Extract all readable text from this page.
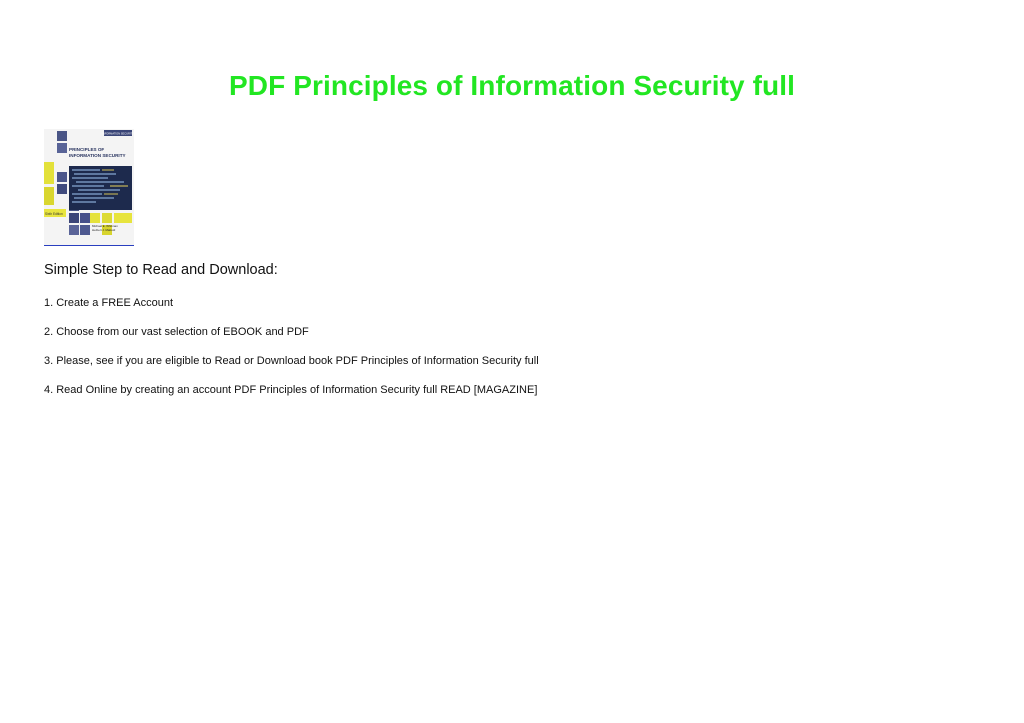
PDF Principles of Information Security full
INFORMATION SECURITY
PRINCIPLES OF
INFORMATION SECURITY
Sixth Edition
Michael E. Whitman
Herbert J. Mattord

Simple Step to Read and Download:

1. Create a FREE Account

2. Choose from our vast selection of EBOOK and PDF

3. Please, see if you are eligible to Read or Download book PDF Principles of Information Security full

4. Read Online by creating an account PDF Principles of Information Security full READ [MAGAZINE]
